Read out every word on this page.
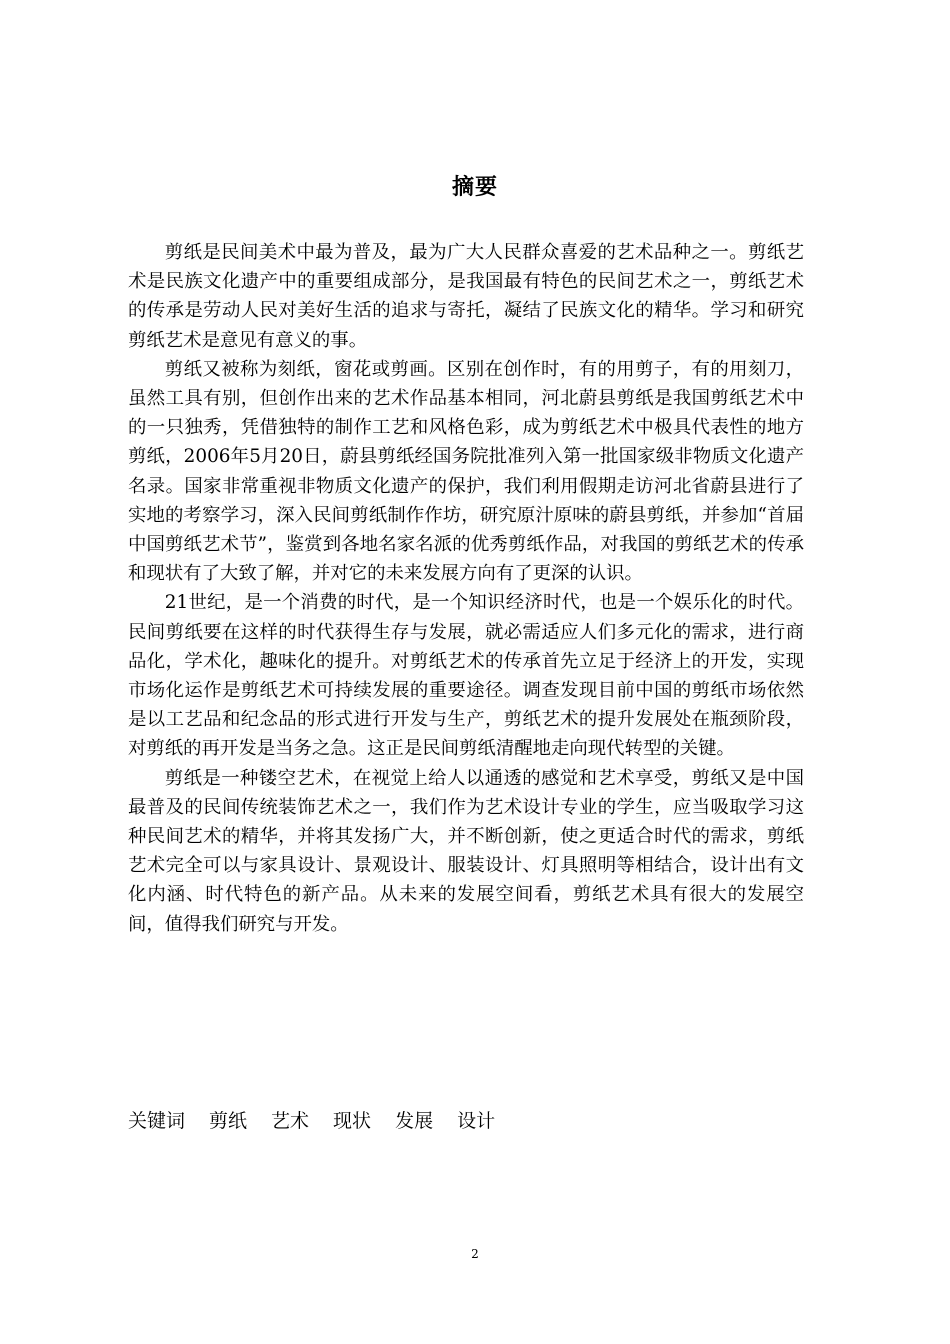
摘要

剪纸是民间美术中最为普及，最为广大人民群众喜爱的艺术品种之一。剪纸艺术是民族文化遗产中的重要组成部分，是我国最有特色的民间艺术之一，剪纸艺术的传承是劳动人民对美好生活的追求与寄托，凝结了民族文化的精华。学习和研究剪纸艺术是意见有意义的事。

剪纸又被称为刻纸，窗花或剪画。区别在创作时，有的用剪子，有的用刻刀，虽然工具有别，但创作出来的艺术作品基本相同，河北蔚县剪纸是我国剪纸艺术中的一只独秀，凭借独特的制作工艺和风格色彩，成为剪纸艺术中极具代表性的地方剪纸，2006年5月20日，蔚县剪纸经国务院批准列入第一批国家级非物质文化遗产名录。国家非常重视非物质文化遗产的保护，我们利用假期走访河北省蔚县进行了实地的考察学习，深入民间剪纸制作作坊，研究原汁原味的蔚县剪纸，并参加“首届中国剪纸艺术节”，鉴赏到各地名家名派的优秀剪纸作品，对我国的剪纸艺术的传承和现状有了大致了解，并对它的未来发展方向有了更深的认识。

21世纪，是一个消费的时代，是一个知识经济时代，也是一个娱乐化的时代。民间剪纸要在这样的时代获得生存与发展，就必需适应人们多元化的需求，进行商品化，学术化，趣味化的提升。对剪纸艺术的传承首先立足于经济上的开发，实现市场化运作是剪纸艺术可持续发展的重要途径。调查发现目前中国的剪纸市场依然是以工艺品和纪念品的形式进行开发与生产，剪纸艺术的提升发展处在瓶颈阶段，对剪纸的再开发是当务之急。这正是民间剪纸清醒地走向现代转型的关键。

剪纸是一种镂空艺术，在视觉上给人以通透的感觉和艺术享受，剪纸又是中国最普及的民间传统装饰艺术之一，我们作为艺术设计专业的学生，应当吸取学习这种民间艺术的精华，并将其发扬广大，并不断创新，使之更适合时代的需求，剪纸艺术完全可以与家具设计、景观设计、服装设计、灯具照明等相结合，设计出有文化内涵、时代特色的新产品。从未来的发展空间看，剪纸艺术具有很大的发展空间，值得我们研究与开发。

关键词 剪纸 艺术 现状 发展 设计
2
